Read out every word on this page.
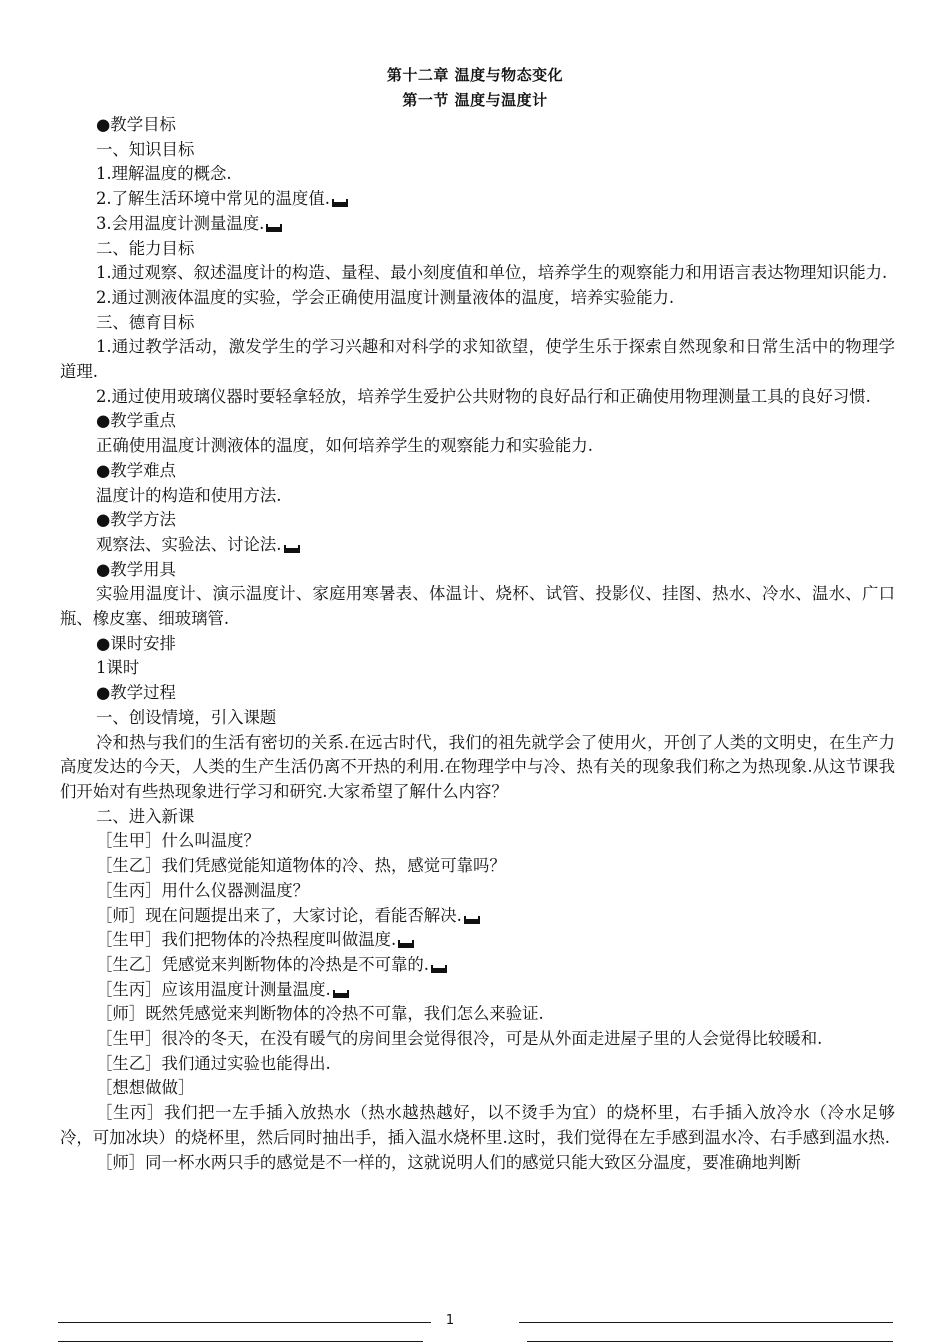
第十二章 温度与物态变化
第一节 温度与温度计

●教学目标

一、知识目标

1.理解温度的概念.

2.了解生活环境中常见的温度值.

3.会用温度计测量温度.

二、能力目标

1.通过观察、叙述温度计的构造、量程、最小刻度值和单位，培养学生的观察能力和用语言表达物理知识能力.

2.通过测液体温度的实验，学会正确使用温度计测量液体的温度，培养实验能力.

三、德育目标

1.通过教学活动，激发学生的学习兴趣和对科学的求知欲望，使学生乐于探索自然现象和日常生活中的物理学道理.

2.通过使用玻璃仪器时要轻拿轻放，培养学生爱护公共财物的良好品行和正确使用物理测量工具的良好习惯.

●教学重点

正确使用温度计测液体的温度，如何培养学生的观察能力和实验能力.

●教学难点

温度计的构造和使用方法.

●教学方法

观察法、实验法、讨论法.

●教学用具

实验用温度计、演示温度计、家庭用寒暑表、体温计、烧杯、试管、投影仪、挂图、热水、冷水、温水、广口瓶、橡皮塞、细玻璃管.

●课时安排

1课时

●教学过程

一、创设情境，引入课题

冷和热与我们的生活有密切的关系.在远古时代，我们的祖先就学会了使用火，开创了人类的文明史，在生产力高度发达的今天，人类的生产生活仍离不开热的利用.在物理学中与冷、热有关的现象我们称之为热现象.从这节课我们开始对有些热现象进行学习和研究.大家希望了解什么内容？

二、进入新课

［生甲］什么叫温度？

［生乙］我们凭感觉能知道物体的冷、热，感觉可靠吗？

［生丙］用什么仪器测温度？

［师］现在问题提出来了，大家讨论，看能否解决.

［生甲］我们把物体的冷热程度叫做温度.

［生乙］凭感觉来判断物体的冷热是不可靠的.

［生丙］应该用温度计测量温度.

［师］既然凭感觉来判断物体的冷热不可靠，我们怎么来验证.

［生甲］很冷的冬天，在没有暖气的房间里会觉得很冷，可是从外面走进屋子里的人会觉得比较暖和.

［生乙］我们通过实验也能得出.

［想想做做］

［生丙］我们把一左手插入放热水（热水越热越好，以不烫手为宜）的烧杯里，右手插入放冷水（冷水足够冷，可加冰块）的烧杯里，然后同时抽出手，插入温水烧杯里.这时，我们觉得在左手感到温水冷、右手感到温水热.

［师］同一杯水两只手的感觉是不一样的，这就说明人们的感觉只能大致区分温度，要准确地判断

1
